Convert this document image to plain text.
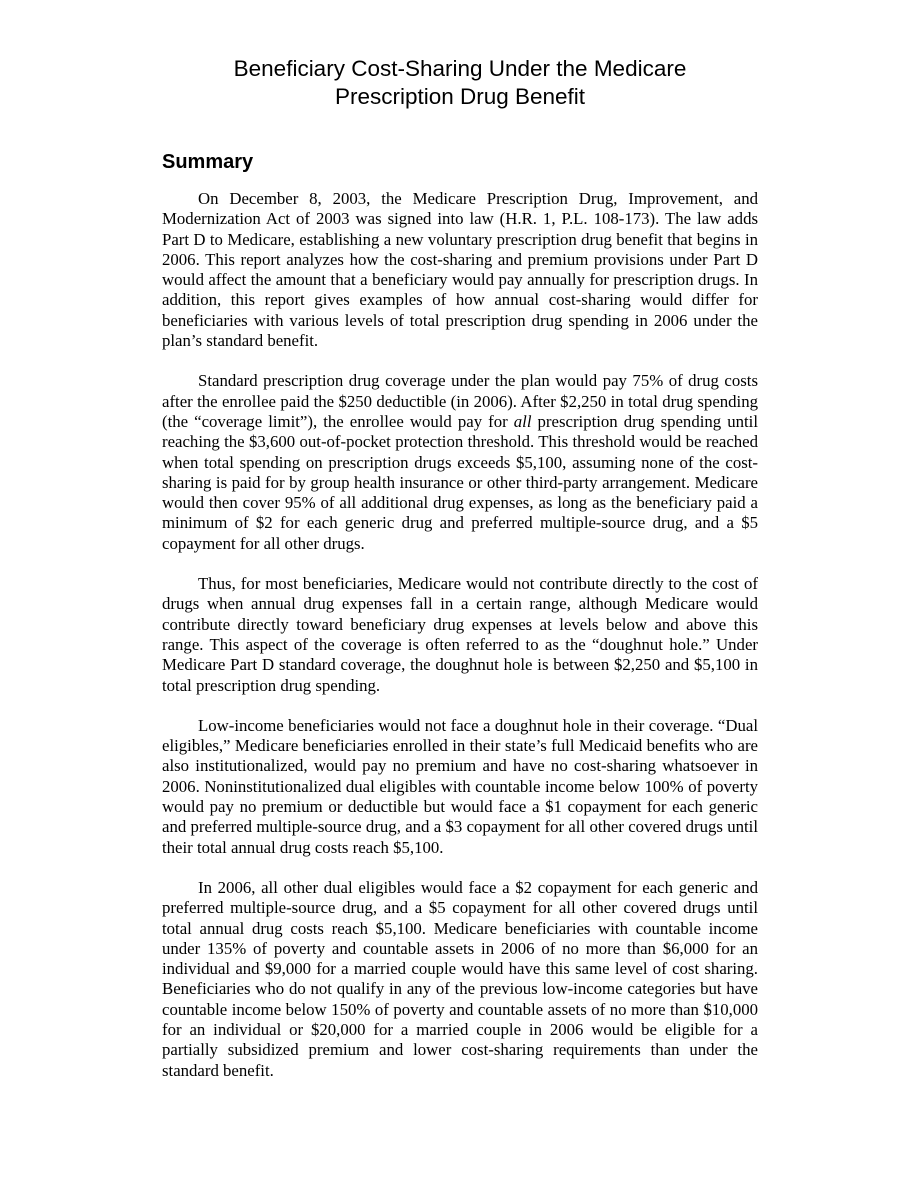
Beneficiary Cost-Sharing Under the Medicare
Prescription Drug Benefit
Summary

On December 8, 2003, the Medicare Prescription Drug, Improvement, and Modernization Act of 2003 was signed into law (H.R. 1, P.L. 108-173). The law adds Part D to Medicare, establishing a new voluntary prescription drug benefit that begins in 2006. This report analyzes how the cost-sharing and premium provisions under Part D would affect the amount that a beneficiary would pay annually for prescription drugs. In addition, this report gives examples of how annual cost-sharing would differ for beneficiaries with various levels of total prescription drug spending in 2006 under the plan’s standard benefit.

Standard prescription drug coverage under the plan would pay 75% of drug costs after the enrollee paid the $250 deductible (in 2006). After $2,250 in total drug spending (the “coverage limit”), the enrollee would pay for all prescription drug spending until reaching the $3,600 out-of-pocket protection threshold. This threshold would be reached when total spending on prescription drugs exceeds $5,100, assuming none of the cost-sharing is paid for by group health insurance or other third-party arrangement. Medicare would then cover 95% of all additional drug expenses, as long as the beneficiary paid a minimum of $2 for each generic drug and preferred multiple-source drug, and a $5 copayment for all other drugs.

Thus, for most beneficiaries, Medicare would not contribute directly to the cost of drugs when annual drug expenses fall in a certain range, although Medicare would contribute directly toward beneficiary drug expenses at levels below and above this range. This aspect of the coverage is often referred to as the “doughnut hole.” Under Medicare Part D standard coverage, the doughnut hole is between $2,250 and $5,100 in total prescription drug spending.

Low-income beneficiaries would not face a doughnut hole in their coverage. “Dual eligibles,” Medicare beneficiaries enrolled in their state’s full Medicaid benefits who are also institutionalized, would pay no premium and have no cost-sharing whatsoever in 2006. Noninstitutionalized dual eligibles with countable income below 100% of poverty would pay no premium or deductible but would face a $1 copayment for each generic and preferred multiple-source drug, and a $3 copayment for all other covered drugs until their total annual drug costs reach $5,100.

In 2006, all other dual eligibles would face a $2 copayment for each generic and preferred multiple-source drug, and a $5 copayment for all other covered drugs until total annual drug costs reach $5,100. Medicare beneficiaries with countable income under 135% of poverty and countable assets in 2006 of no more than $6,000 for an individual and $9,000 for a married couple would have this same level of cost sharing. Beneficiaries who do not qualify in any of the previous low-income categories but have countable income below 150% of poverty and countable assets of no more than $10,000 for an individual or $20,000 for a married couple in 2006 would be eligible for a partially subsidized premium and lower cost-sharing requirements than under the standard benefit.
